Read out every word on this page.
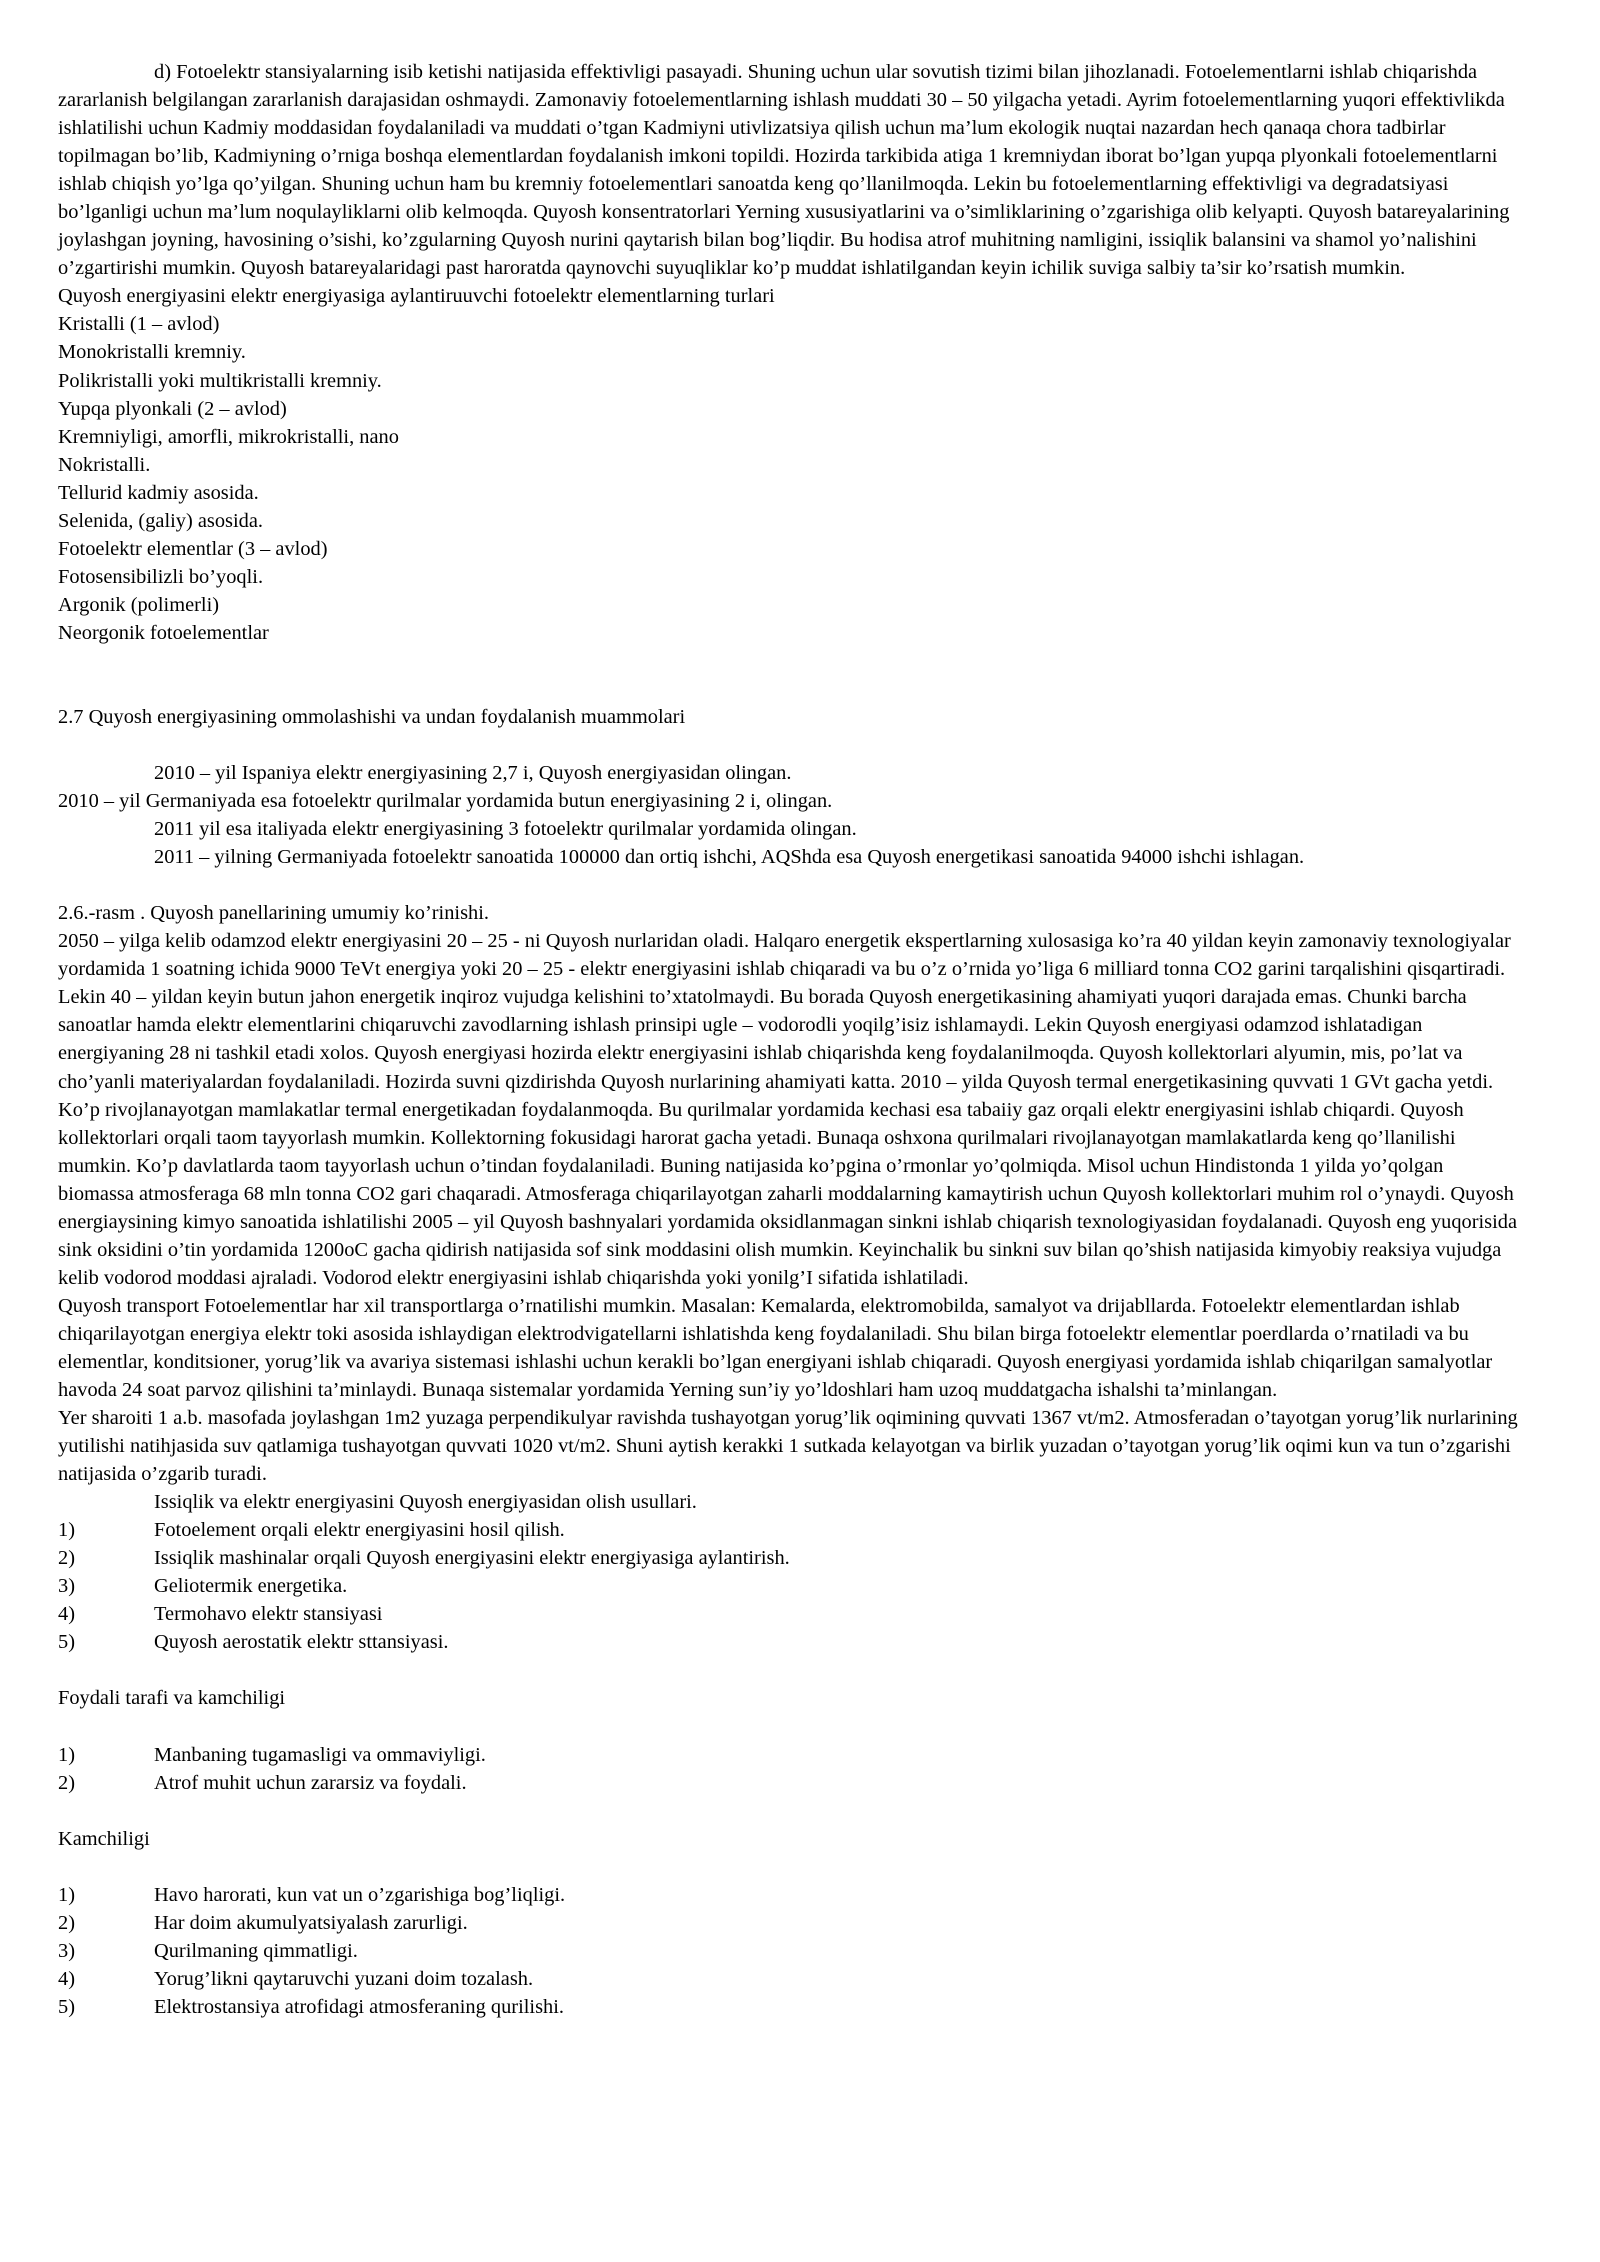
d) Fotoelektr stansiyalarning isib ketishi natijasida effektivligi pasayadi. Shuning uchun ular sovutish tizimi bilan jihozlanadi. Fotoelementlarni ishlab chiqarishda zararlanish belgilangan zararlanish darajasidan oshmaydi. Zamonaviy fotoelementlarning ishlash muddati 30 – 50 yilgacha yetadi. Ayrim fotoelementlarning yuqori effektivlikda ishlatilishi uchun Kadmiy moddasidan foydalaniladi va muddati o’tgan Kadmiyni utivlizatsiya qilish uchun ma’lum ekologik nuqtai nazardan hech qanaqa chora tadbirlar topilmagan bo’lib, Kadmiyning o’rniga boshqa elementlardan foydalanish imkoni topildi. Hozirda tarkibida atiga 1 kremniydan iborat bo’lgan yupqa plyonkali fotoelementlarni ishlab chiqish yo’lga qo’yilgan. Shuning uchun ham bu kremniy fotoelementlari sanoatda keng qo’llanilmoqda. Lekin bu fotoelementlarning effektivligi va degradatsiyasi bo’lganligi uchun ma’lum noqulayliklarni olib kelmoqda. Quyosh konsentratorlari Yerning xususiyatlarini va o’simliklarining o’zgarishiga olib kelyapti. Quyosh batareyalarining joylashgan joyning, havosining o’sishi, ko’zgularning Quyosh nurini qaytarish bilan bog’liqdir. Bu hodisa atrof muhitning namligini, issiqlik balansini va shamol yo’nalishini o’zgartirishi mumkin. Quyosh batareyalaridagi past haroratda qaynovchi suyuqliklar ko’p muddat ishlatilgandan keyin ichilik suviga salbiy ta’sir ko’rsatish mumkin.

Quyosh energiyasini elektr energiyasiga aylantiruuvchi fotoelektr elementlarning turlari

Kristalli (1 – avlod)

Monokristalli kremniy.

Polikristalli yoki multikristalli kremniy.

Yupqa plyonkali (2 – avlod)

Kremniyligi, amorfli, mikrokristalli, nano

Nokristalli.

Tellurid kadmiy asosida.

Selenida, (galiy) asosida.

Fotoelektr elementlar (3 – avlod)

Fotosensibilizli bo’yoqli.

Argonik (polimerli)

Neorgonik fotoelementlar

2.7 Quyosh energiyasining ommolashishi va undan foydalanish muammolari

2010 – yil Ispaniya elektr energiyasining 2,7 i, Quyosh energiyasidan olingan.

2010 – yil Germaniyada esa fotoelektr qurilmalar yordamida butun energiyasining 2 i, olingan.

2011 yil esa italiyada elektr energiyasining 3 fotoelektr qurilmalar yordamida olingan.

2011 – yilning Germaniyada fotoelektr sanoatida 100000 dan ortiq ishchi, AQShda esa Quyosh energetikasi sanoatida 94000 ishchi ishlagan.

2.6.-rasm . Quyosh panellarining umumiy ko’rinishi.

2050 – yilga kelib odamzod elektr energiyasini 20 – 25 - ni Quyosh nurlaridan oladi. Halqaro energetik ekspertlarning xulosasiga ko’ra 40 yildan keyin zamonaviy texnologiyalar yordamida 1 soatning ichida 9000 TeVt energiya yoki 20 – 25 - elektr energiyasini ishlab chiqaradi va bu o’z o’rnida yo’liga 6 milliard tonna CO2 garini tarqalishini qisqartiradi. Lekin 40 – yildan keyin butun jahon energetik inqiroz vujudga kelishini to’xtatolmaydi. Bu borada Quyosh energetikasining ahamiyati yuqori darajada emas. Chunki barcha sanoatlar hamda elektr elementlarini chiqaruvchi zavodlarning ishlash prinsipi ugle – vodorodli yoqilg’isiz ishlamaydi. Lekin Quyosh energiyasi odamzod ishlatadigan energiyaning 28 ni tashkil etadi xolos. Quyosh energiyasi hozirda elektr energiyasini ishlab chiqarishda keng foydalanilmoqda. Quyosh kollektorlari alyumin, mis, po’lat va cho’yanli materiyalardan foydalaniladi. Hozirda suvni qizdirishda Quyosh nurlarining ahamiyati katta. 2010 – yilda Quyosh termal energetikasining quvvati 1 GVt gacha yetdi. Ko’p rivojlanayotgan mamlakatlar termal energetikadan foydalanmoqda. Bu qurilmalar yordamida kechasi esa tabaiiy gaz orqali elektr energiyasini ishlab chiqardi. Quyosh kollektorlari orqali taom tayyorlash mumkin. Kollektorning fokusidagi harorat gacha yetadi. Bunaqa oshxona qurilmalari rivojlanayotgan mamlakatlarda keng qo’llanilishi mumkin. Ko’p davlatlarda taom tayyorlash uchun o’tindan foydalaniladi. Buning natijasida ko’pgina o’rmonlar yo’qolmiqda. Misol uchun Hindistonda 1 yilda yo’qolgan biomassa atmosferaga 68 mln tonna CO2 gari chaqaradi. Atmosferaga chiqarilayotgan zaharli moddalarning kamaytirish uchun Quyosh kollektorlari muhim rol o’ynaydi. Quyosh energiaysining kimyo sanoatida ishlatilishi 2005 – yil Quyosh bashnyalari yordamida oksidlanmagan sinkni ishlab chiqarish texnologiyasidan foydalanadi. Quyosh eng yuqorisida sink oksidini o’tin yordamida 1200oC gacha qidirish natijasida sof sink moddasini olish mumkin. Keyinchalik bu sinkni suv bilan qo’shish natijasida kimyobiy reaksiya vujudga kelib vodorod moddasi ajraladi. Vodorod elektr energiyasini ishlab chiqarishda yoki yonilg’I sifatida ishlatiladi.

Quyosh transport Fotoelementlar har xil transportlarga o’rnatilishi mumkin. Masalan: Kemalarda, elektromobilda, samalyot va drijabllarda. Fotoelektr elementlardan ishlab chiqarilayotgan energiya elektr toki asosida ishlaydigan elektrodvigatellarni ishlatishda keng foydalaniladi. Shu bilan birga fotoelektr elementlar poerdlarda o’rnatiladi va bu elementlar, konditsioner, yorug’lik va avariya sistemasi ishlashi uchun kerakli bo’lgan energiyani ishlab chiqaradi. Quyosh energiyasi yordamida ishlab chiqarilgan samalyotlar havoda 24 soat parvoz qilishini ta’minlaydi. Bunaqa sistemalar yordamida Yerning sun’iy yo’ldoshlari ham uzoq muddatgacha ishalshi ta’minlangan.

Yer sharoiti 1 a.b. masofada joylashgan 1m2 yuzaga perpendikulyar ravishda tushayotgan yorug’lik oqimining quvvati 1367 vt/m2. Atmosferadan o’tayotgan yorug’lik nurlarining yutilishi natihjasida suv qatlamiga tushayotgan quvvati 1020 vt/m2. Shuni aytish kerakki 1 sutkada kelayotgan va birlik yuzadan o’tayotgan yorug’lik oqimi kun va tun o’zgarishi natijasida o’zgarib turadi.

Issiqlik va elektr energiyasini Quyosh energiyasidan olish usullari.

1)	Fotoelement orqali elektr energiyasini hosil qilish.
2)	Issiqlik mashinalar orqali Quyosh energiyasini elektr energiyasiga aylantirish.
3)	Geliotermik energetika.
4)	Termohavo elektr stansiyasi
5)	Quyosh aerostatik elektr sttansiyasi.

Foydali tarafi va kamchiligi

1)	Manbaning tugamasligi va ommaviyligi.
2)	Atrof muhit uchun zararsiz va foydali.

Kamchiligi

1)	Havo harorati, kun vat un o’zgarishiga bog’liqligi.
2)	Har doim akumulyatsiyalash zarurligi.
3)	Qurilmaning qimmatligi.
4)	Yorug’likni qaytaruvchi yuzani doim tozalash.
5)	Elektrostansiya atrofidagi atmosferaning qurilishi.
